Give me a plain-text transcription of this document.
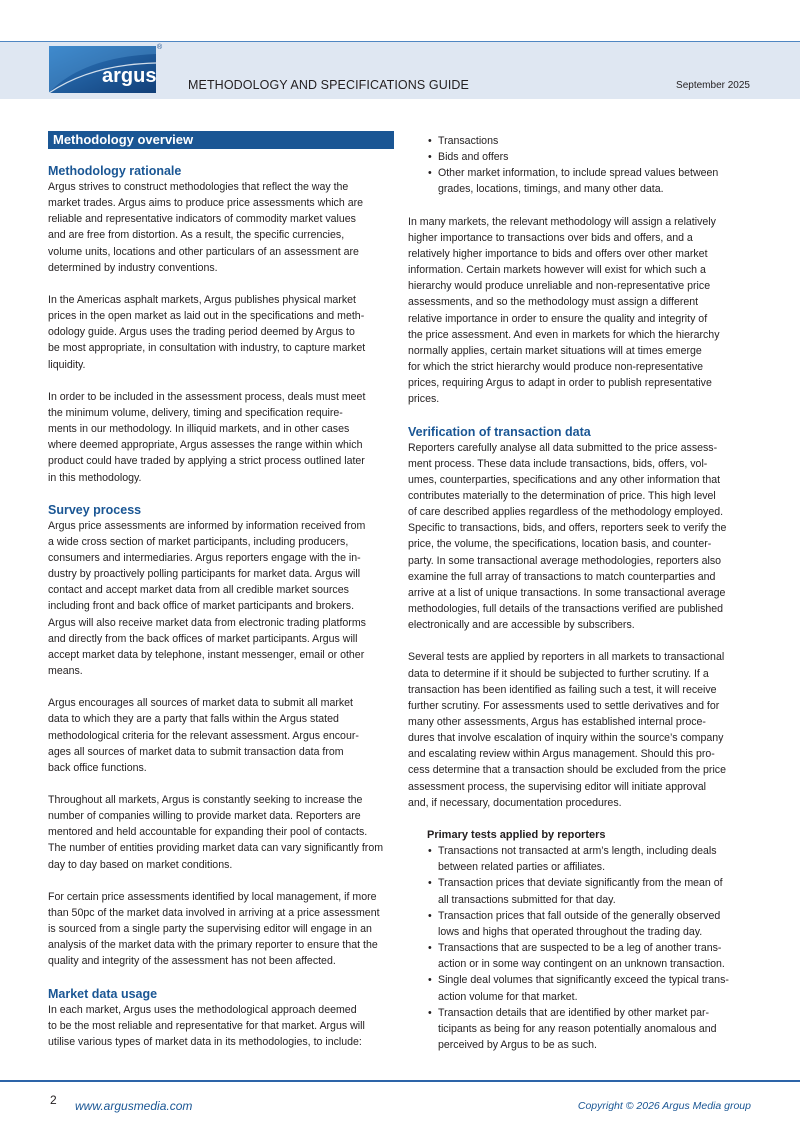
argus
®
METHODOLOGY AND SPECIFICATIONS GUIDE	September 2025
Methodology overview
Methodology rationale
Argus strives to construct methodologies that reflect the way the
market trades. Argus aims to produce price assessments which are
reliable and representative indicators of commodity market values
and are free from distortion. As a result, the specific currencies,
volume units, locations and other particulars of an assessment are
determined by industry conventions.
In the Americas asphalt markets, Argus publishes physical market
prices in the open market as laid out in the specifications and meth-
odology guide. Argus uses the trading period deemed by Argus to
be most appropriate, in consultation with industry, to capture market
liquidity.
In order to be included in the assessment process, deals must meet
the minimum volume, delivery, timing and specification require-
ments in our methodology. In illiquid markets, and in other cases
where deemed appropriate, Argus assesses the range within which
product could have traded by applying a strict process outlined later
in this methodology.
Survey process
Argus price assessments are informed by information received from
a wide cross section of market participants, including producers,
consumers and intermediaries. Argus reporters engage with the in-
dustry by proactively polling participants for market data. Argus will
contact and accept market data from all credible market sources
including front and back office of market participants and brokers.
Argus will also receive market data from electronic trading platforms
and directly from the back offices of market participants. Argus will
accept market data by telephone, instant messenger, email or other
means.
Argus encourages all sources of market data to submit all market
data to which they are a party that falls within the Argus stated
methodological criteria for the relevant assessment. Argus encour-
ages all sources of market data to submit transaction data from
back office functions.
Throughout all markets, Argus is constantly seeking to increase the
number of companies willing to provide market data. Reporters are
mentored and held accountable for expanding their pool of contacts.
The number of entities providing market data can vary significantly from
day to day based on market conditions.
For certain price assessments identified by local management, if more
than 50pc of the market data involved in arriving at a price assessment
is sourced from a single party the supervising editor will engage in an
analysis of the market data with the primary reporter to ensure that the
quality and integrity of the assessment has not been affected.
Market data usage
In each market, Argus uses the methodological approach deemed
to be the most reliable and representative for that market. Argus will
utilise various types of market data in its methodologies, to include:
• Transactions
• Bids and offers
• Other market information, to include spread values between
grades, locations, timings, and many other data.
In many markets, the relevant methodology will assign a relatively
higher importance to transactions over bids and offers, and a
relatively higher importance to bids and offers over other market
information. Certain markets however will exist for which such a
hierarchy would produce unreliable and non-representative price
assessments, and so the methodology must assign a different
relative importance in order to ensure the quality and integrity of
the price assessment. And even in markets for which the hierarchy
normally applies, certain market situations will at times emerge
for which the strict hierarchy would produce non-representative
prices, requiring Argus to adapt in order to publish representative
prices.
Verification of transaction data
Reporters carefully analyse all data submitted to the price assess-
ment process. These data include transactions, bids, offers, vol-
umes, counterparties, specifications and any other information that
contributes materially to the determination of price. This high level
of care described applies regardless of the methodology employed.
Specific to transactions, bids, and offers, reporters seek to verify the
price, the volume, the specifications, location basis, and counter-
party. In some transactional average methodologies, reporters also
examine the full array of transactions to match counterparties and
arrive at a list of unique transactions. In some transactional average
methodologies, full details of the transactions verified are published
electronically and are accessible by subscribers.
Several tests are applied by reporters in all markets to transactional
data to determine if it should be subjected to further scrutiny. If a
transaction has been identified as failing such a test, it will receive
further scrutiny. For assessments used to settle derivatives and for
many other assessments, Argus has established internal proce-
dures that involve escalation of inquiry within the source’s company
and escalating review within Argus management. Should this pro-
cess determine that a transaction should be excluded from the price
assessment process, the supervising editor will initiate approval
and, if necessary, documentation procedures.
Primary tests applied by reporters
• Transactions not transacted at arm’s length, including deals
between related parties or affiliates.
• Transaction prices that deviate significantly from the mean of
all transactions submitted for that day.
• Transaction prices that fall outside of the generally observed
lows and highs that operated throughout the trading day.
• Transactions that are suspected to be a leg of another trans-
action or in some way contingent on an unknown transaction.
• Single deal volumes that significantly exceed the typical trans-
action volume for that market.
• Transaction details that are identified by other market par-
ticipants as being for any reason potentially anomalous and
perceived by Argus to be as such.
2 www.argusmedia.com	Copyright © 2026 Argus Media group
